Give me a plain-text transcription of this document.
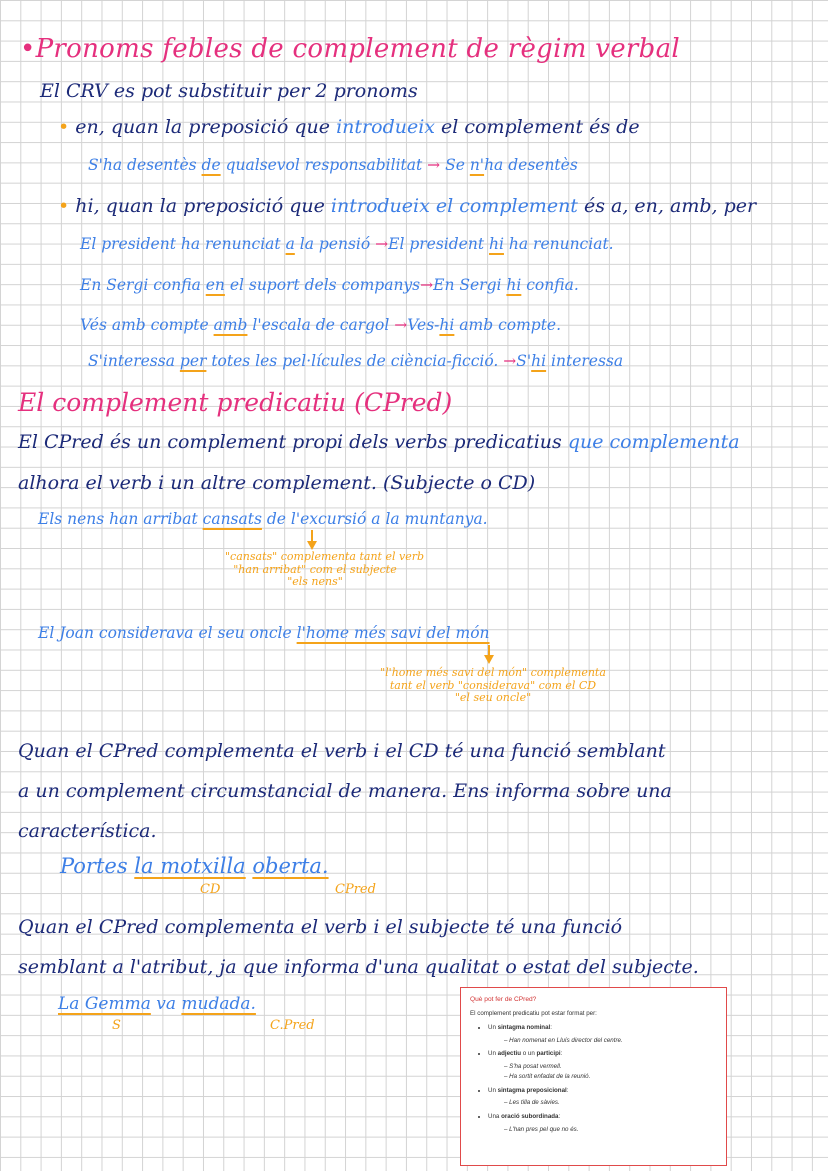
•Pronoms febles de complement de règim verbal
El CRV es pot substituir per 2 pronoms
• en, quan la preposició que introdueix el complement és de
S'ha desentès de qualsevol responsabilitat → Se n'ha desentès
• hi, quan la preposició que introdueix el complement és a, en, amb, per
El president ha renunciat a la pensió →El president hi ha renunciat.
En Sergi confia en el suport dels companys→En Sergi hi confia.
Vés amb compte amb l'escala de cargol →Ves-hi amb compte.
S'interessa per totes les pel·lícules de ciència-ficció. →S'hi interessa
El complement predicatiu (CPred)
El CPred és un complement propi dels verbs predicatius que complementa
alhora el verb i un altre complement. (Subjecte o CD)
Els nens han arribat cansats de l'excursió a la muntanya.
"cansats" complementa tant el verb
"han arribat" com el subjecte
"els nens"
El Joan considerava el seu oncle l'home més savi del món
"l'home més savi del món" complementa
tant el verb "considerava" com el CD
"el seu oncle"
Quan el CPred complementa el verb i el CD té una funció semblant
a un complement circumstancial de manera. Ens informa sobre una
característica.
Portes la motxilla oberta.
CD	CPred
Quan el CPred complementa el verb i el subjecte té una funció
semblant a l'atribut, ja que informa d'una qualitat o estat del subjecte.
La Gemma va mudada.
S	C.Pred
Què pot fer de CPred?
El complement predicatiu pot estar format per:
• Un sintagma nominal:
– Han nomenat en Lluís director del centre.
• Un adjectiu o un participi:
– S'ha posat vermell.
– Ha sortit enfadat de la reunió.
• Un sintagma preposicional:
– Les tilla de sàvies.
• Una oració subordinada:
– L'han pres pel que no és.
